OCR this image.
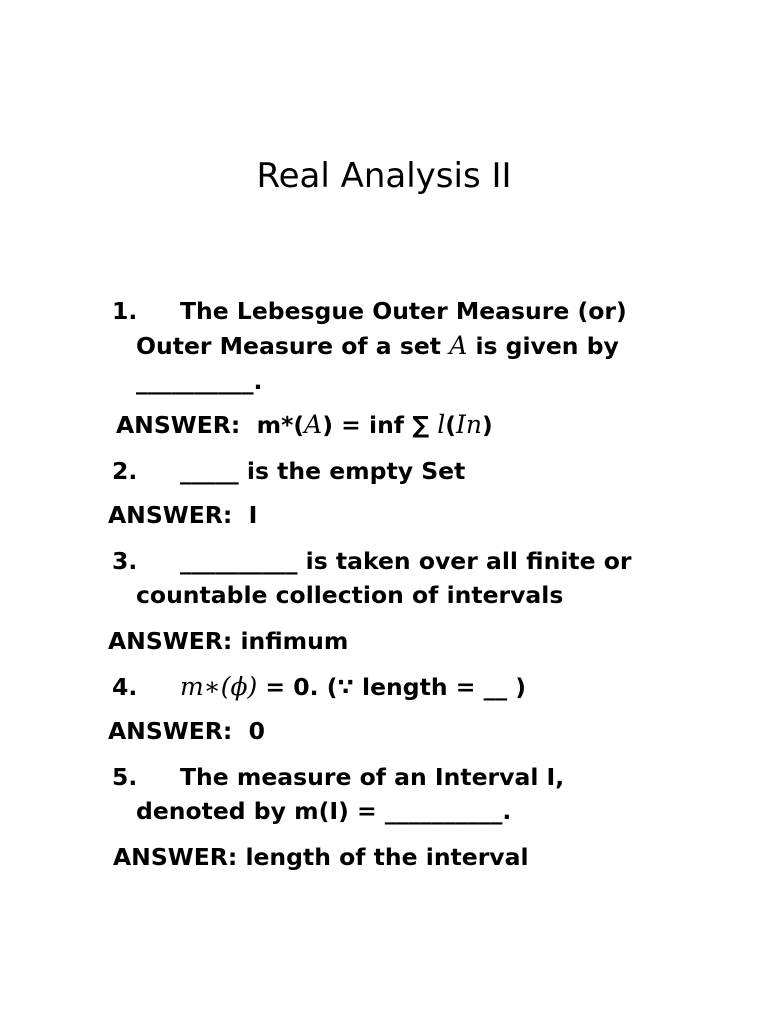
Real Analysis II
1. The Lebesgue Outer Measure (or)
Outer Measure of a set A is given by
__________.
ANSWER: m*(A) = inf ∑ l(In)
2. _____ is the empty Set
ANSWER: I
3. __________ is taken over all finite or
countable collection of intervals
ANSWER: infimum
4. m∗(ϕ) = 0. (∵ length = __ )
ANSWER: 0
5. The measure of an Interval I,
denoted by m(I) = __________.
ANSWER: length of the interval
